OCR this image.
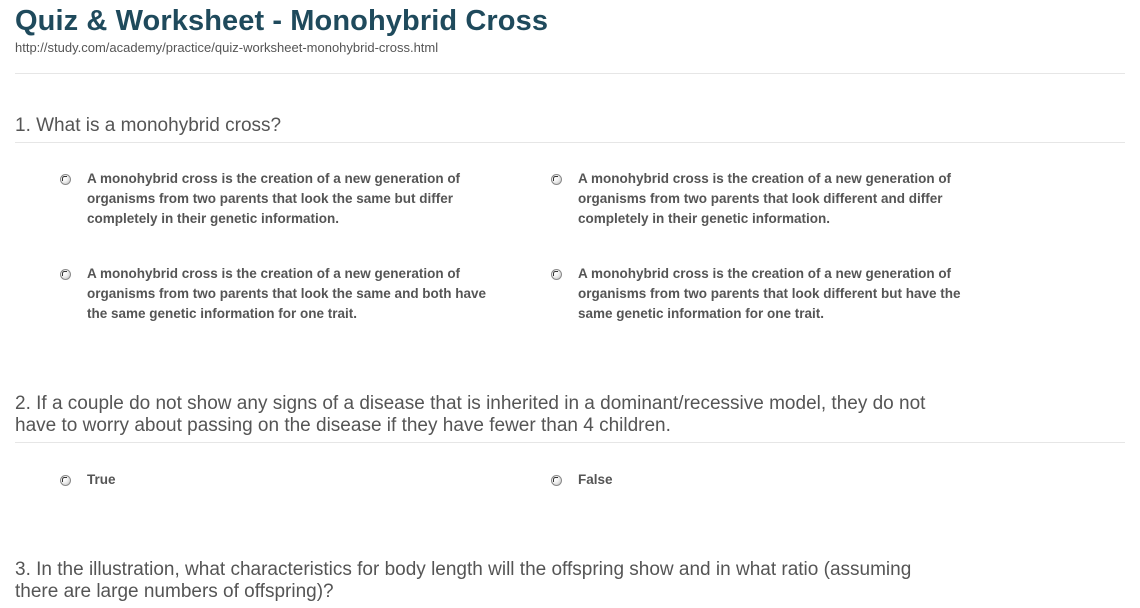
Quiz & Worksheet - Monohybrid Cross
http://study.com/academy/practice/quiz-worksheet-monohybrid-cross.html

1. What is a monohybrid cross?

A monohybrid cross is the creation of a new generation of organisms from two parents that look the same but differ completely in their genetic information.
A monohybrid cross is the creation of a new generation of organisms from two parents that look different and differ completely in their genetic information.
A monohybrid cross is the creation of a new generation of organisms from two parents that look the same and both have the same genetic information for one trait.
A monohybrid cross is the creation of a new generation of organisms from two parents that look different but have the same genetic information for one trait.

2. If a couple do not show any signs of a disease that is inherited in a dominant/recessive model, they do not have to worry about passing on the disease if they have fewer than 4 children.

True	False

3. In the illustration, what characteristics for body length will the offspring show and in what ratio (assuming there are large numbers of offspring)?
